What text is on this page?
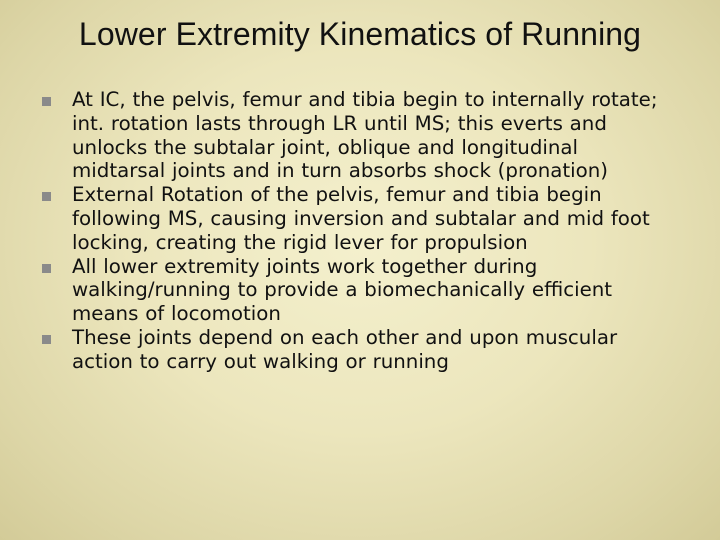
Lower Extremity Kinematics of Running
At IC, the pelvis, femur and tibia begin to internally rotate; int. rotation lasts through LR until MS; this everts and unlocks the subtalar joint, oblique and longitudinal midtarsal joints and in turn absorbs shock (pronation)
External Rotation of the pelvis, femur and tibia begin following MS, causing inversion and subtalar and mid foot locking, creating the rigid lever for propulsion
All lower extremity joints work together during walking/running to provide a biomechanically efficient means of locomotion
These joints depend on each other and upon muscular action to carry out walking or running
